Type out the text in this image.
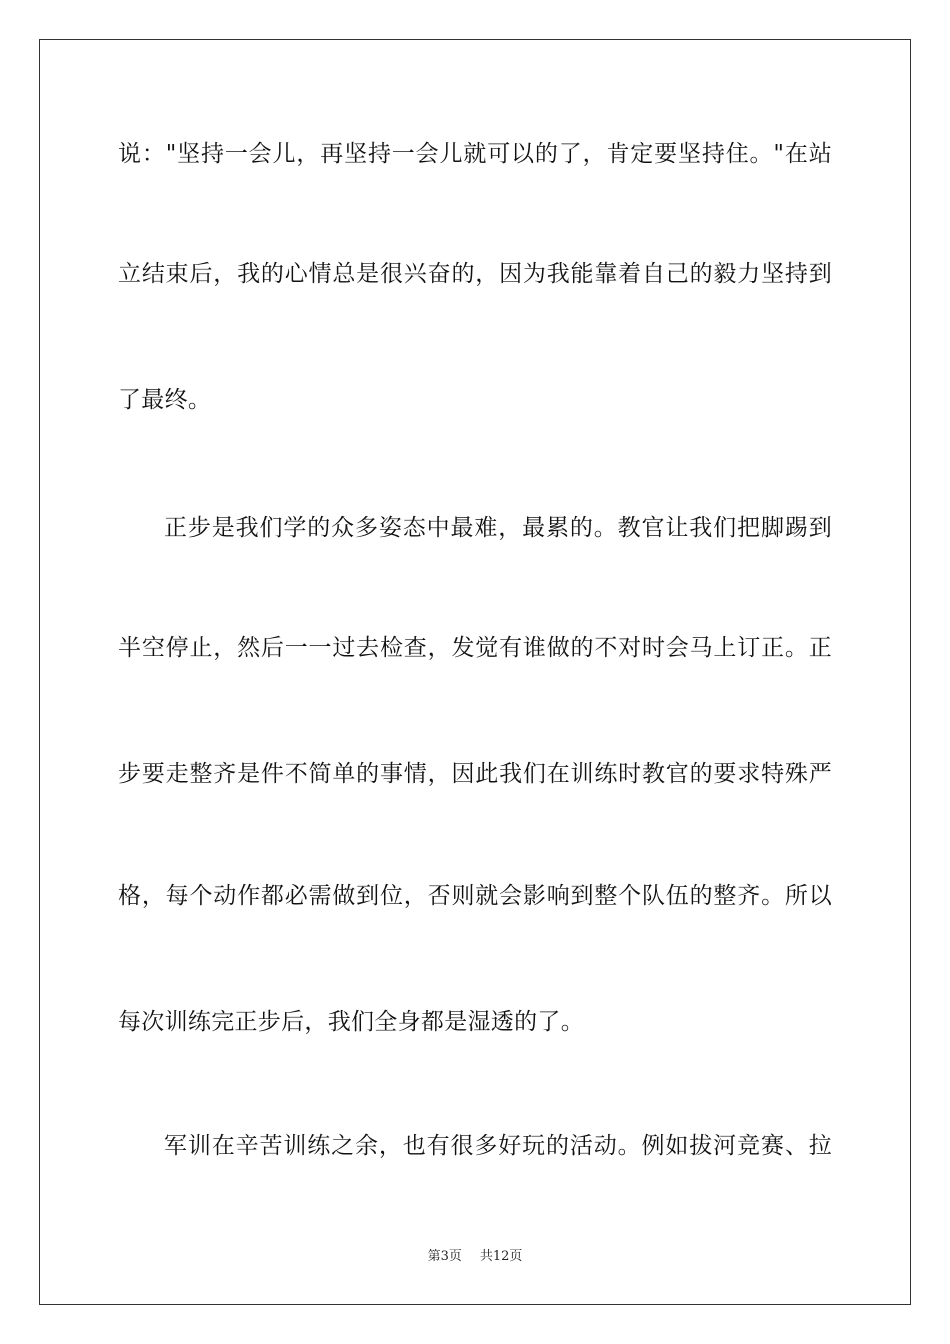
说："坚持一会儿，再坚持一会儿就可以的了，肯定要坚持住。"在站
立结束后，我的心情总是很兴奋的，因为我能靠着自己的毅力坚持到
了最终。
正步是我们学的众多姿态中最难，最累的。教官让我们把脚踢到
半空停止，然后一一过去检查，发觉有谁做的不对时会马上订正。正
步要走整齐是件不简单的事情，因此我们在训练时教官的要求特殊严
格，每个动作都必需做到位，否则就会影响到整个队伍的整齐。所以
每次训练完正步后，我们全身都是湿透的了。
军训在辛苦训练之余，也有很多好玩的活动。例如拔河竞赛、拉
第3页 共12页
